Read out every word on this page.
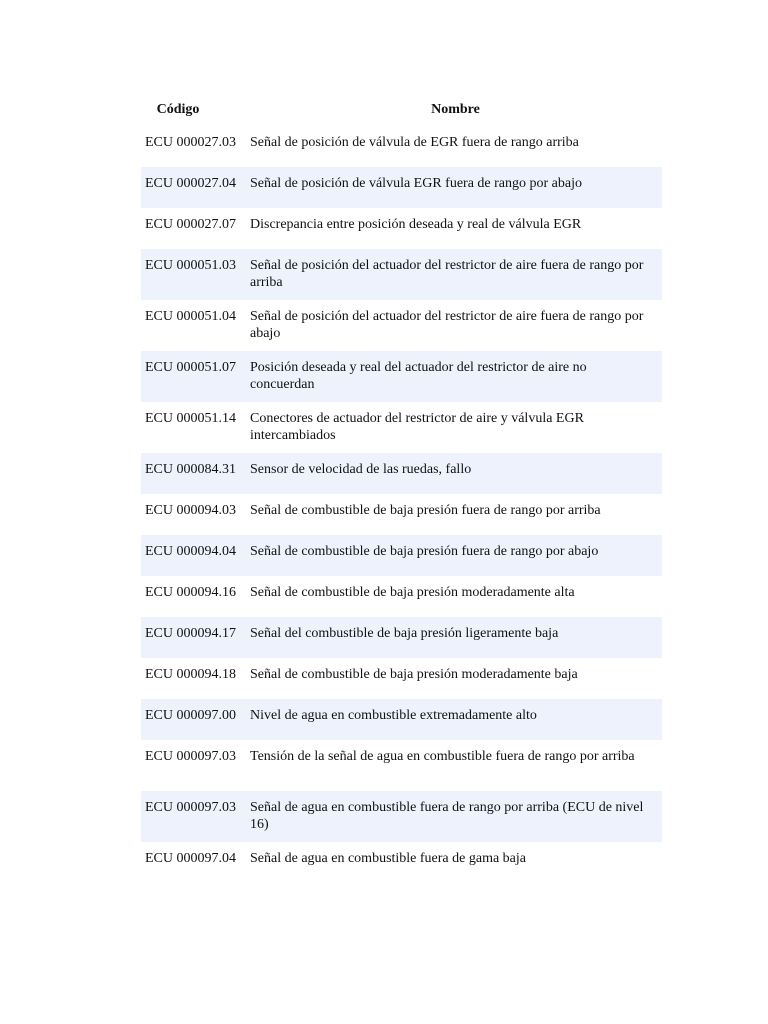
Código	Nombre
ECU 000027.03	Señal de posición de válvula de EGR fuera de rango arriba
ECU 000027.04	Señal de posición de válvula EGR fuera de rango por abajo
ECU 000027.07	Discrepancia entre posición deseada y real de válvula EGR
ECU 000051.03	Señal de posición del actuador del restrictor de aire fuera de rango por arriba
ECU 000051.04	Señal de posición del actuador del restrictor de aire fuera de rango por abajo
ECU 000051.07	Posición deseada y real del actuador del restrictor de aire no concuerdan
ECU 000051.14	Conectores de actuador del restrictor de aire y válvula EGR intercambiados
ECU 000084.31	Sensor de velocidad de las ruedas, fallo
ECU 000094.03	Señal de combustible de baja presión fuera de rango por arriba
ECU 000094.04	Señal de combustible de baja presión fuera de rango por abajo
ECU 000094.16	Señal de combustible de baja presión moderadamente alta
ECU 000094.17	Señal del combustible de baja presión ligeramente baja
ECU 000094.18	Señal de combustible de baja presión moderadamente baja
ECU 000097.00	Nivel de agua en combustible extremadamente alto
ECU 000097.03	Tensión de la señal de agua en combustible fuera de rango por arriba
ECU 000097.03	Señal de agua en combustible fuera de rango por arriba (ECU de nivel 16)
ECU 000097.04	Señal de agua en combustible fuera de gama baja
